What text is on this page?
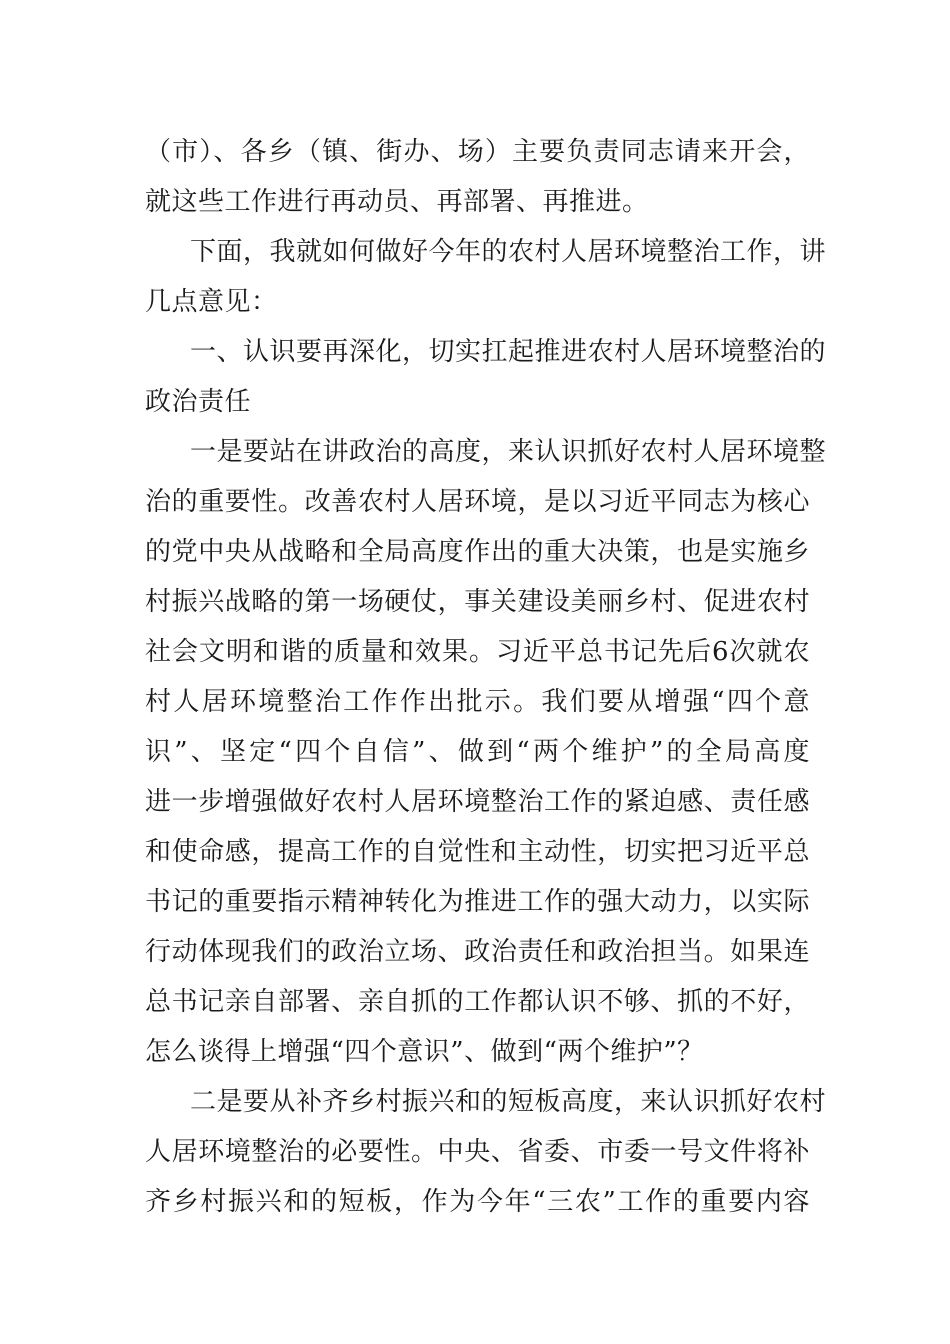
（市）、各乡（镇、街办、场）主要负责同志请来开会，
就这些工作进行再动员、再部署、再推进。
下面，我就如何做好今年的农村人居环境整治工作，讲
几点意见：
一、认识要再深化，切实扛起推进农村人居环境整治的
政治责任
一是要站在讲政治的高度，来认识抓好农村人居环境整
治的重要性。改善农村人居环境，是以习近平同志为核心
的党中央从战略和全局高度作出的重大决策，也是实施乡
村振兴战略的第一场硬仗，事关建设美丽乡村、促进农村
社会文明和谐的质量和效果。习近平总书记先后6次就农
村人居环境整治工作作出批示。我们要从增强“四个意
识”、坚定“四个自信”、做到“两个维护”的全局高度
进一步增强做好农村人居环境整治工作的紧迫感、责任感
和使命感，提高工作的自觉性和主动性，切实把习近平总
书记的重要指示精神转化为推进工作的强大动力，以实际
行动体现我们的政治立场、政治责任和政治担当。如果连
总书记亲自部署、亲自抓的工作都认识不够、抓的不好，
怎么谈得上增强“四个意识”、做到“两个维护”？
二是要从补齐乡村振兴和的短板高度，来认识抓好农村
人居环境整治的必要性。中央、省委、市委一号文件将补
齐乡村振兴和的短板，作为今年“三农”工作的重要内容
